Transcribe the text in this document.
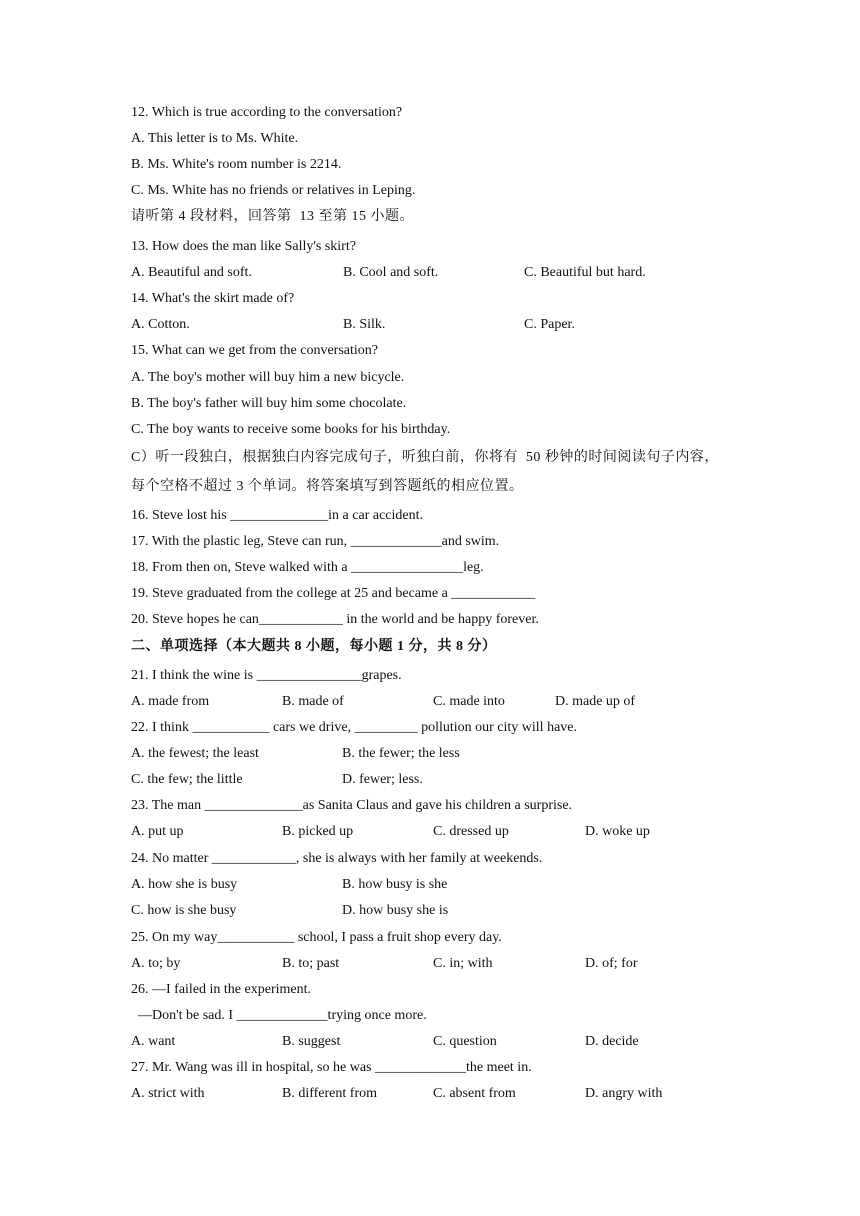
12. Which is true according to the conversation?
A. This letter is to Ms. White.
B. Ms. White's room number is 2214.
C. Ms. White has no friends or relatives in Leping.
请听第 4 段材料，回答第  13 至第 15 小题。
13. How does the man like Sally's skirt?
A. Beautiful and soft.	B. Cool and soft.	C. Beautiful but hard.
14. What's the skirt made of?
A. Cotton.	B. Silk.	C. Paper.
15. What can we get from the conversation?
A. The boy's mother will buy him a new bicycle.
B. The boy's father will buy him some chocolate.
C. The boy wants to receive some books for his birthday.
C）听一段独白，根据独白内容完成句子，听独白前，你将有  50 秒钟的时间阅读句子内容，
每个空格不超过 3 个单词。将答案填写到答题纸的相应位置。
16. Steve lost his ______________in a car accident.
17. With the plastic leg, Steve can run, _____________and swim.
18. From then on, Steve walked with a ________________leg.
19. Steve graduated from the college at 25 and became a ____________
20. Steve hopes he can____________ in the world and be happy forever.
二、单项选择（本大题共 8 小题，每小题 1 分，共 8 分）
21. I think the wine is _______________grapes.
A. made from	B. made of	C. made into	D. made up of
22. I think ___________ cars we drive, _________ pollution our city will have.
A. the fewest; the least	B. the fewer; the less
C. the few; the little	D. fewer; less.
23. The man ______________as Sanita Claus and gave his children a surprise.
A. put up	B. picked up	C. dressed up	D. woke up
24. No matter ____________, she is always with her family at weekends.
A. how she is busy	B. how busy is she
C. how is she busy	D. how busy she is
25. On my way___________ school, I pass a fruit shop every day.
A. to; by	B. to; past	C. in; with	D. of; for
26. —I failed in the experiment.
—Don't be sad. I _____________trying once more.
A. want	B. suggest	C. question	D. decide
27. Mr. Wang was ill in hospital, so he was _____________the meet in.
A. strict with	B. different from	C. absent from	D. angry with
